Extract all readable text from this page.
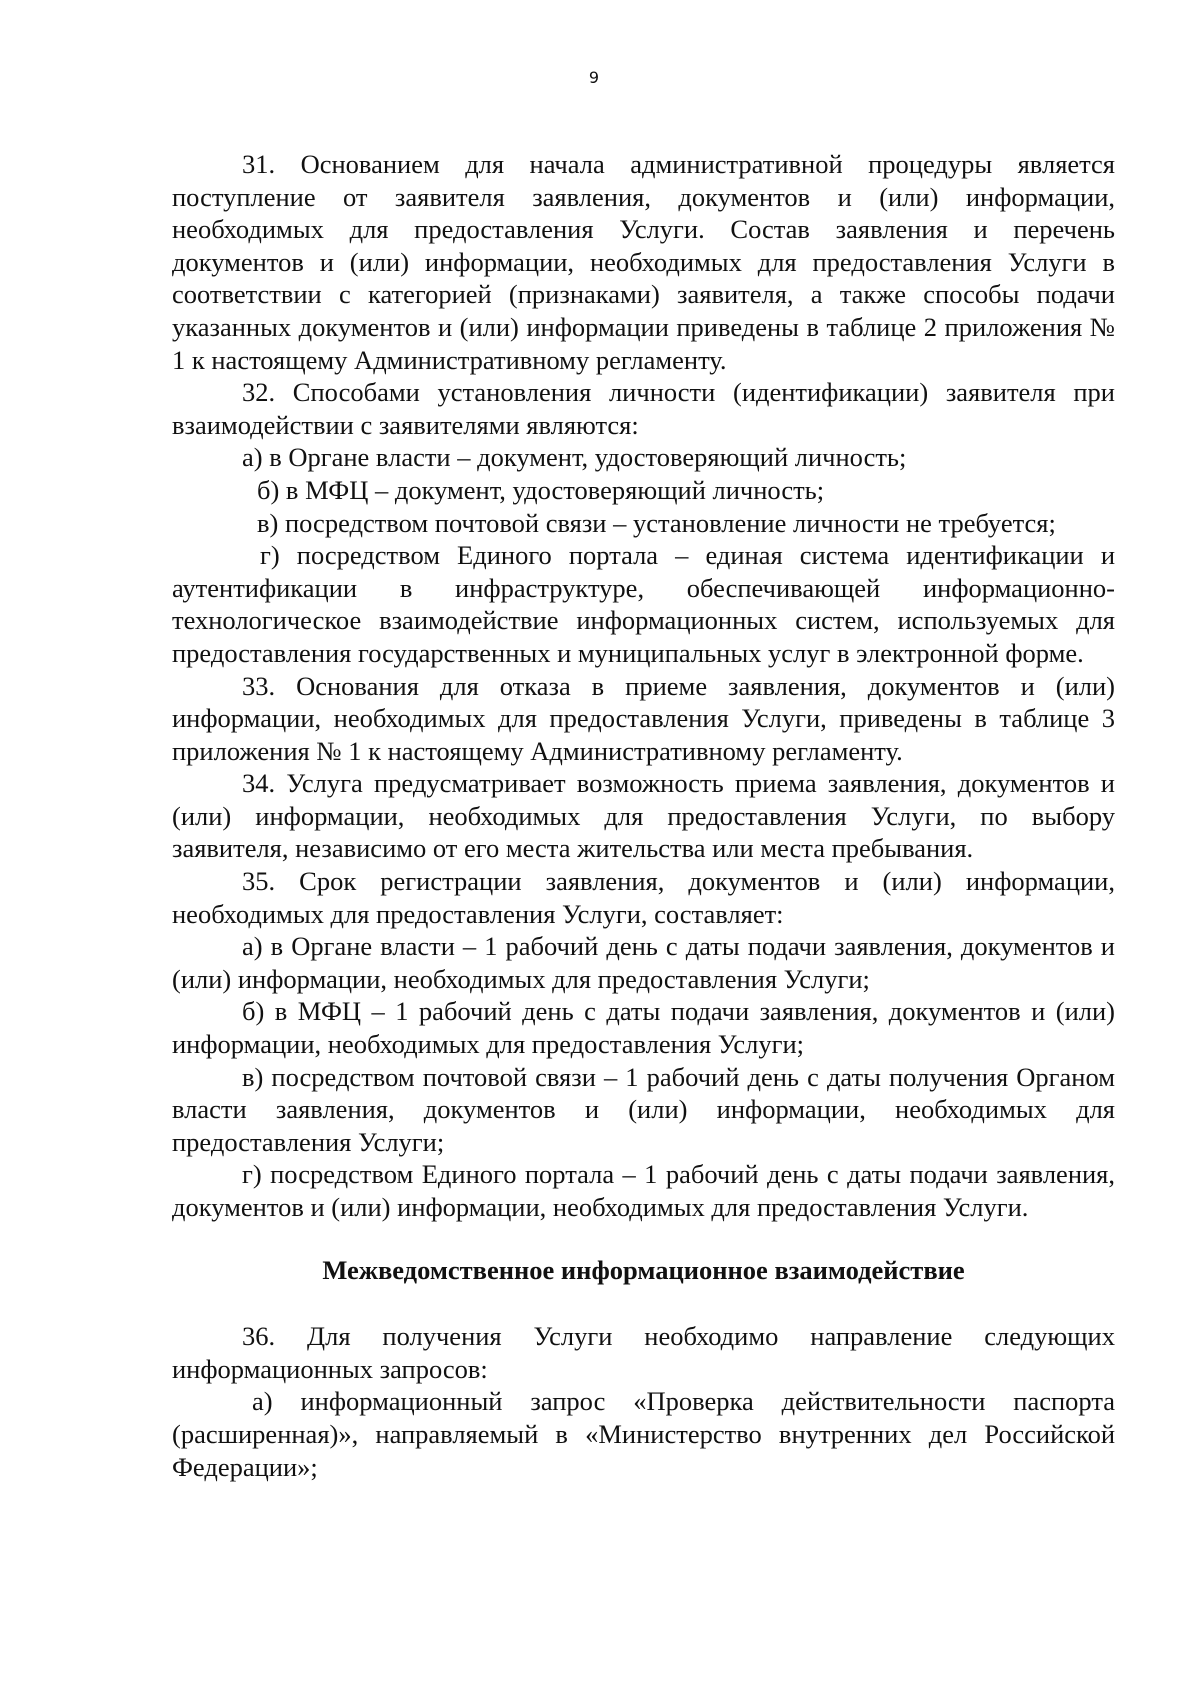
9

31. Основанием для начала административной процедуры является поступление от заявителя заявления, документов и (или) информации, необходимых для предоставления Услуги. Состав заявления и перечень документов и (или) информации, необходимых для предоставления Услуги в соответствии с категорией (признаками) заявителя, а также способы подачи указанных документов и (или) информации приведены в таблице 2 приложения № 1 к настоящему Административному регламенту.

32. Способами установления личности (идентификации) заявителя при взаимодействии с заявителями являются:

а) в Органе власти – документ, удостоверяющий личность;

б) в МФЦ – документ, удостоверяющий личность;

в) посредством почтовой связи – установление личности не требуется;

г) посредством Единого портала – единая система идентификации и аутентификации в инфраструктуре, обеспечивающей информационно-технологическое взаимодействие информационных систем, используемых для предоставления государственных и муниципальных услуг в электронной форме.

33. Основания для отказа в приеме заявления, документов и (или) информации, необходимых для предоставления Услуги, приведены в таблице 3 приложения № 1 к настоящему Административному регламенту.

34. Услуга предусматривает возможность приема заявления, документов и (или) информации, необходимых для предоставления Услуги, по выбору заявителя, независимо от его места жительства или места пребывания.

35. Срок регистрации заявления, документов и (или) информации, необходимых для предоставления Услуги, составляет:

а) в Органе власти – 1 рабочий день с даты подачи заявления, документов и (или) информации, необходимых для предоставления Услуги;

б) в МФЦ – 1 рабочий день с даты подачи заявления, документов и (или) информации, необходимых для предоставления Услуги;

в) посредством почтовой связи – 1 рабочий день с даты получения Органом власти заявления, документов и (или) информации, необходимых для предоставления Услуги;

г) посредством Единого портала – 1 рабочий день с даты подачи заявления, документов и (или) информации, необходимых для предоставления Услуги.

Межведомственное информационное взаимодействие

36. Для получения Услуги необходимо направление следующих информационных запросов:

а) информационный запрос «Проверка действительности паспорта (расширенная)», направляемый в «Министерство внутренних дел Российской Федерации»;
